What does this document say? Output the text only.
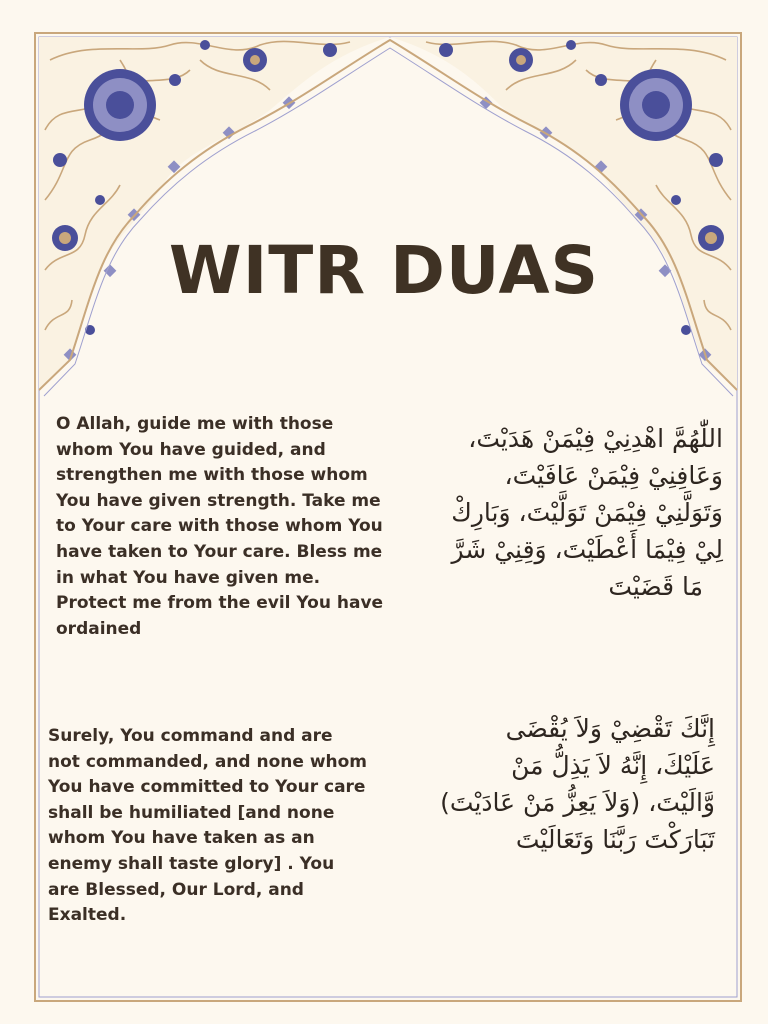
WITR DUAS
O Allah, guide me with those whom You have guided, and strengthen me with those whom You have given strength. Take me to Your care with those whom You have taken to Your care. Bless me in what You have given me. Protect me from the evil You have ordained
اللّٰهُمَّ اهْدِنِيْ فِيْمَنْ هَدَيْتَ،
وَعَافِنِيْ فِيْمَنْ عَافَيْتَ،
وَتَوَلَّنِيْ فِيْمَنْ تَوَلَّيْتَ، وَبَارِكْ
لِيْ فِيْمَا أَعْطَيْتَ، وَقِنِيْ شَرَّ
مَا قَضَيْتَ
Surely, You command and are not commanded, and none whom You have committed to Your care shall be humiliated [and none whom You have taken as an enemy shall taste glory] . You are Blessed, Our Lord, and Exalted.
إِنَّكَ تَقْضِيْ وَلاَ يُقْضَى
عَلَيْكَ، إِنَّهُ لاَ يَذِلُّ مَنْ
وَّالَيْتَ، (وَلاَ يَعِزُّ مَنْ عَادَيْتَ)
تَبَارَكْتَ رَبَّنَا وَتَعَالَيْتَ
